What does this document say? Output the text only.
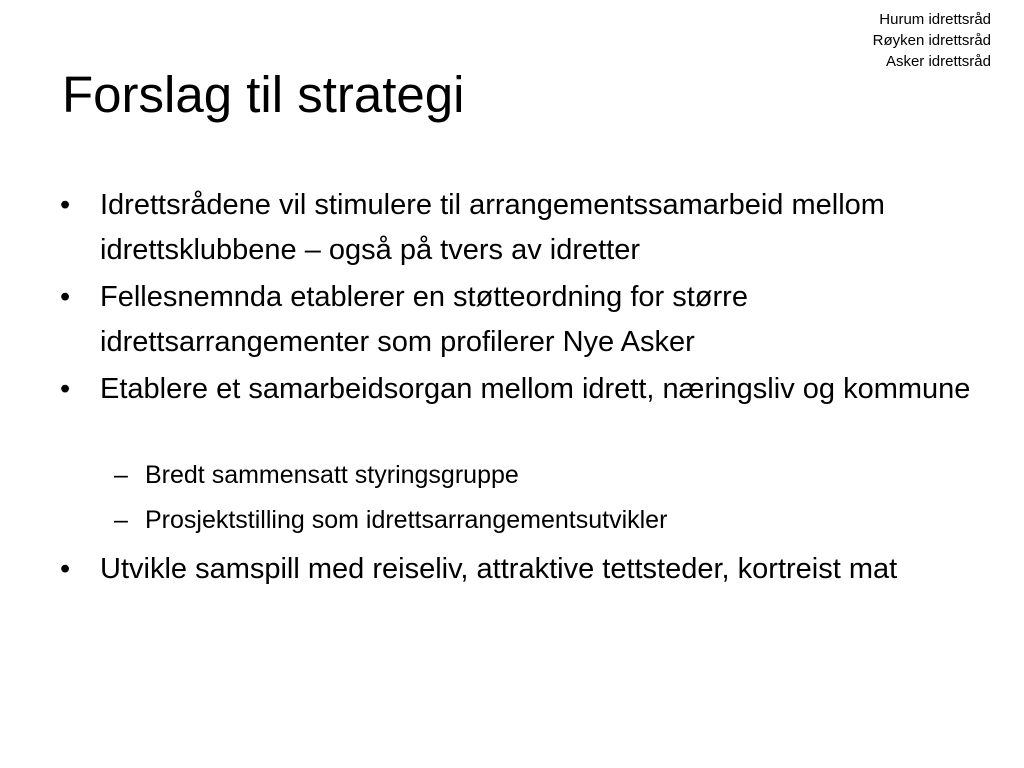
Hurum idrettsråd
Røyken idrettsråd
Asker idrettsråd
Forslag til strategi
• Idrettsrådene vil stimulere til arrangementssamarbeid mellom idrettsklubbene – også på tvers av idretter
• Fellesnemnda etablerer en støtteordning for større idrettsarrangementer som profilerer Nye Asker
• Etablere et samarbeidsorgan mellom idrett, næringsliv og kommune
– Bredt sammensatt styringsgruppe
– Prosjektstilling som idrettsarrangementsutvikler
• Utvikle samspill med reiseliv, attraktive tettsteder, kortreist mat
